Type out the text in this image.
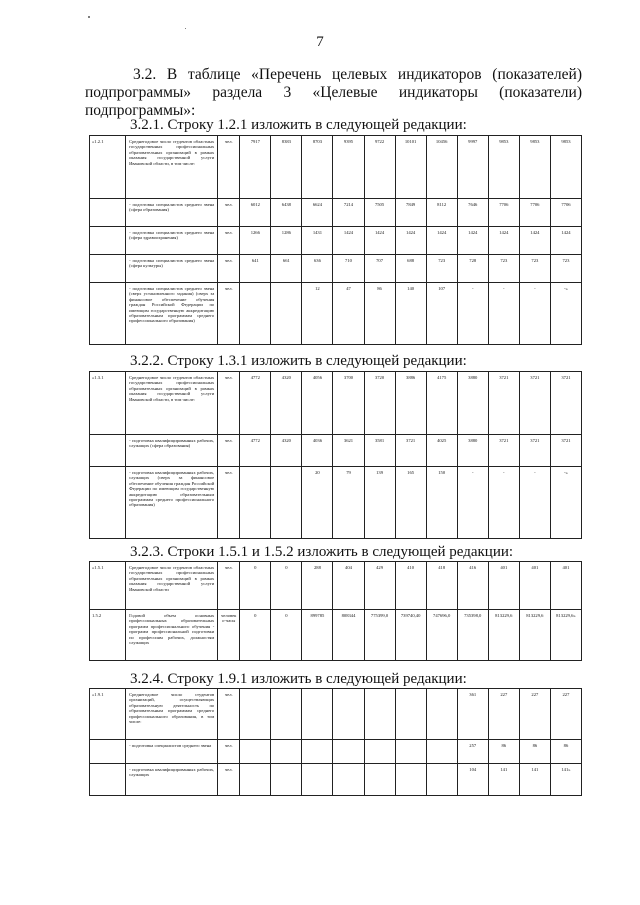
7
3.2. В таблице «Перечень целевых индикаторов (показателей)
подпрограммы» раздела 3 «Целевые индикаторы (показатели)
подпрограммы»:
3.2.1. Строку 1.2.1 изложить в следующей редакции:
«1.2.1	Среднегодовое число студентов областных государственных профессиональных образовательных организаций в рамках оказания государственной услуги Ивановской области, в том числе:	чел.	7917	8383	8703	9395	9722	10101	10456	9997	9853	9853	9853
	- подготовка специалистов среднего звена (сфера образования)	чел.	6012	6438	6624	7214	7505	7849	8112	7646	7706	7706	7706
	- подготовка специалистов среднего звена (сфера здравоохранения)	чел.	1266	1286	1431	1424	1424	1424	1424	1424	1424	1424	1424
	- подготовка специалистов среднего звена (сфера культуры)	чел.	641	661	636	710	707	688	723	728	723	723	723
	- подготовка специалистов среднего звена (сверх установленного задания) (сверх за финансовое обеспечение обучения граждан Российской Федерации по имеющим государственную аккредитацию образовательным программам среднего профессионального образования)	чел.			12	47	86	140	107	-	-	-	-»
3.2.2. Строку 1.3.1 изложить в следующей редакции:
«1.3.1	Среднегодовое число студентов областных государственных профессиональных образовательных организаций в рамках оказания государственной услуги Ивановской области, в том числе:	чел.	4772	4320	4056	3700	3720	3886	4175	3880	3721	3721	3721
	- подготовка квалифицированных рабочих, служащих (сфера образования)	чел.	4772	4320	4036	3621	3581	3721	4025	3880	3721	3721	3721
	- подготовка квалифицированных рабочих, служащих (сверх за финансовое обеспечение обучения граждан Российской Федерации по имеющим государственную аккредитацию образовательным программам среднего профессионального образования)	чел.			20	79	139	165	150	-	-	-	-»
3.2.3. Строки 1.5.1 и 1.5.2 изложить в следующей редакции:
«1.5.1	Среднегодовое число студентов областных государственных профессиональных образовательных организаций в рамках оказания государственной услуги Ивановской области	чел.	0	0	288	404	429	410	418	416	401	401	401
1.5.2	Годовой объем основных профессиональных образовательных программ профессионального обучения - программ профессиональной подготовки по профессиям рабочих, должностям служащих	человеко-часы	0	0	899785	808344	775399,0	739740,40	747696,0	735398,0	813229,6	813229,6	813229,6»
3.2.4. Строку 1.9.1 изложить в следующей редакции:
«1.9.1	Среднегодовое число студентов организаций, осуществляющих образовательную деятельность по образовательным программам среднего профессионального образования, в том числе:	чел.								361	227	227	227
	- подготовка специалистов среднего звена	чел.								257	86	86	86
	- подготовка квалифицированных рабочих, служащих	чел.								104	141	141	141»
